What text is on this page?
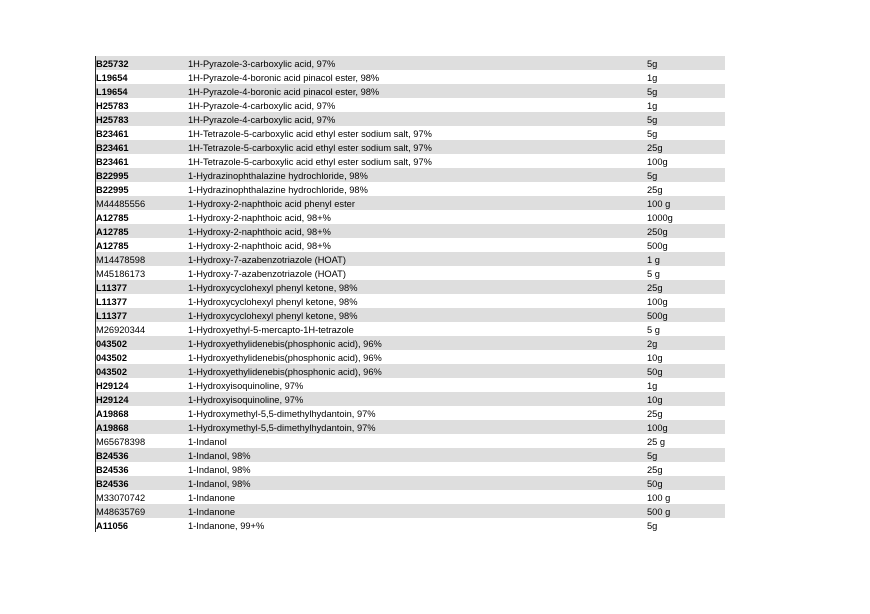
B25732	1H-Pyrazole-3-carboxylic acid, 97%	5g
L19654	1H-Pyrazole-4-boronic acid pinacol ester, 98%	1g
L19654	1H-Pyrazole-4-boronic acid pinacol ester, 98%	5g
H25783	1H-Pyrazole-4-carboxylic acid, 97%	1g
H25783	1H-Pyrazole-4-carboxylic acid, 97%	5g
B23461	1H-Tetrazole-5-carboxylic acid ethyl ester sodium salt, 97%	5g
B23461	1H-Tetrazole-5-carboxylic acid ethyl ester sodium salt, 97%	25g
B23461	1H-Tetrazole-5-carboxylic acid ethyl ester sodium salt, 97%	100g
B22995	1-Hydrazinophthalazine hydrochloride, 98%	5g
B22995	1-Hydrazinophthalazine hydrochloride, 98%	25g
M44485556	1-Hydroxy-2-naphthoic acid phenyl ester	100 g
A12785	1-Hydroxy-2-naphthoic acid, 98+%	1000g
A12785	1-Hydroxy-2-naphthoic acid, 98+%	250g
A12785	1-Hydroxy-2-naphthoic acid, 98+%	500g
M14478598	1-Hydroxy-7-azabenzotriazole (HOAT)	1 g
M45186173	1-Hydroxy-7-azabenzotriazole (HOAT)	5 g
L11377	1-Hydroxycyclohexyl phenyl ketone, 98%	25g
L11377	1-Hydroxycyclohexyl phenyl ketone, 98%	100g
L11377	1-Hydroxycyclohexyl phenyl ketone, 98%	500g
M26920344	1-Hydroxyethyl-5-mercapto-1H-tetrazole	5 g
043502	1-Hydroxyethylidenebis(phosphonic acid), 96%	2g
043502	1-Hydroxyethylidenebis(phosphonic acid), 96%	10g
043502	1-Hydroxyethylidenebis(phosphonic acid), 96%	50g
H29124	1-Hydroxyisoquinoline, 97%	1g
H29124	1-Hydroxyisoquinoline, 97%	10g
A19868	1-Hydroxymethyl-5,5-dimethylhydantoin, 97%	25g
A19868	1-Hydroxymethyl-5,5-dimethylhydantoin, 97%	100g
M65678398	1-Indanol	25 g
B24536	1-Indanol, 98%	5g
B24536	1-Indanol, 98%	25g
B24536	1-Indanol, 98%	50g
M33070742	1-Indanone	100 g
M48635769	1-Indanone	500 g
A11056	1-Indanone, 99+%	5g
